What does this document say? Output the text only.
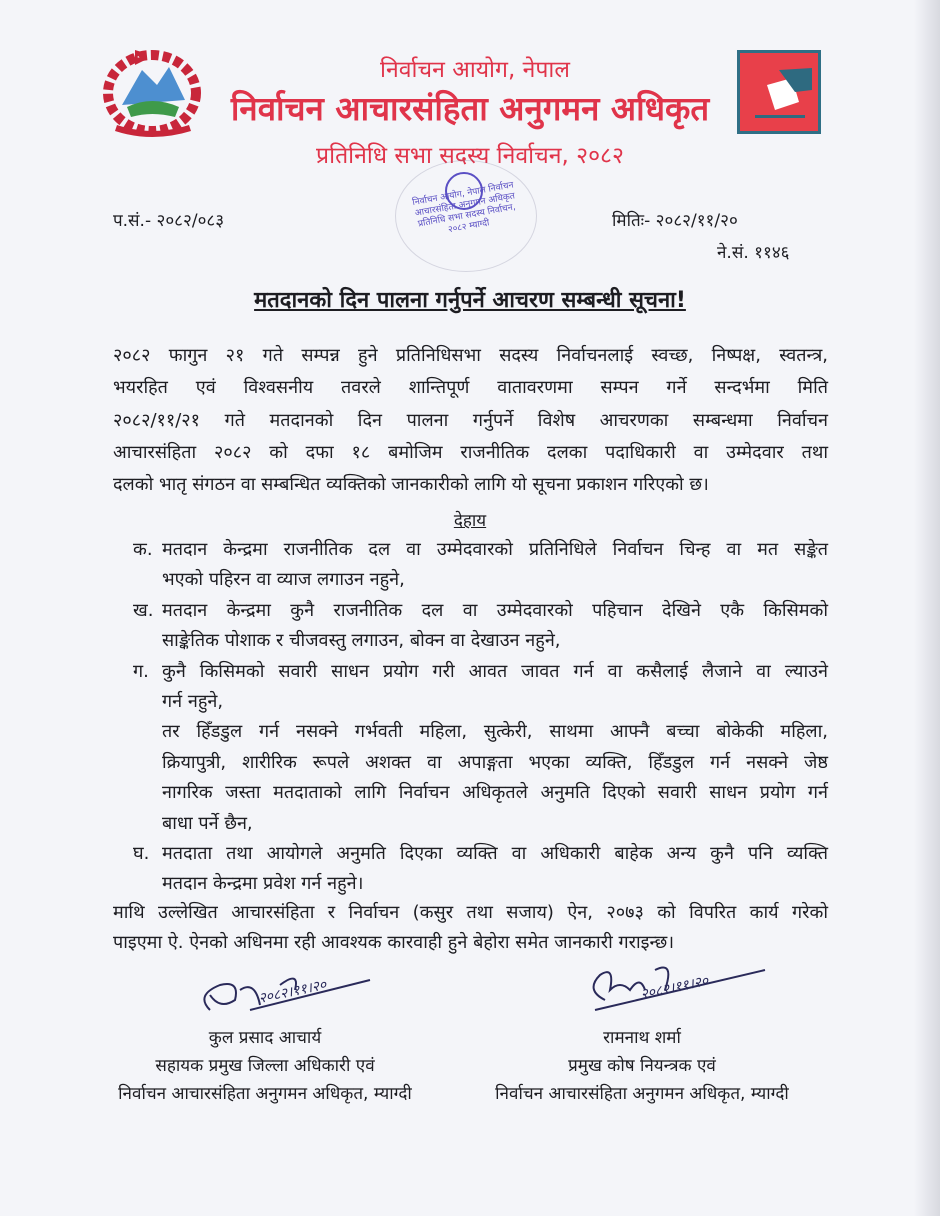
निर्वाचन आयोग, नेपाल
निर्वाचन आचारसंहिता अनुगमन अधिकृत
प्रतिनिधि सभा सदस्य निर्वाचन, २०८२
निर्वाचन आयोग, नेपाल निर्वाचन आचारसंहिता अनुगमन अधिकृत प्रतिनिधि सभा सदस्य निर्वाचन, २०८२ म्याग्दी
प.सं.- २०८२/०८३	मितिः- २०८२/११/२०
ने.सं. ११४६
मतदानको दिन पालना गर्नुपर्ने आचरण सम्बन्धी सूचना!
२०८२ फागुन २१ गते सम्पन्न हुने प्रतिनिधिसभा सदस्य निर्वाचनलाई स्वच्छ, निष्पक्ष, स्वतन्त्र,
भयरहित एवं विश्वसनीय तवरले शान्तिपूर्ण वातावरणमा सम्पन गर्ने सन्दर्भमा मिति
२०८२/११/२१ गते मतदानको दिन पालना गर्नुपर्ने विशेष आचरणका सम्बन्धमा निर्वाचन
आचारसंहिता २०८२ को दफा १८ बमोजिम राजनीतिक दलका पदाधिकारी वा उम्मेदवार तथा
दलको भातृ संगठन वा सम्बन्धित व्यक्तिको जानकारीको लागि यो सूचना प्रकाशन गरिएको छ।
क. मतदान केन्द्रमा राजनीतिक दल वा उम्मेदवारको प्रतिनिधिले निर्वाचन चिन्ह वा मत सङ्केत
भएको पहिरन वा व्याज लगाउन नहुने,
ख. मतदान केन्द्रमा कुनै राजनीतिक दल वा उम्मेदवारको पहिचान देखिने एकै किसिमको
साङ्केतिक पोशाक र चीजवस्तु लगाउन, बोक्न वा देखाउन नहुने,
ग. कुनै किसिमको सवारी साधन प्रयोग गरी आवत जावत गर्न वा कसैलाई लैजाने वा ल्याउने
गर्न नहुने,
तर हिँडडुल गर्न नसक्ने गर्भवती महिला, सुत्केरी, साथमा आफ्नै बच्चा बोकेकी महिला,
क्रियापुत्री, शारीरिक रूपले अशक्त वा अपाङ्गता भएका व्यक्ति, हिँडडुल गर्न नसक्ने जेष्ठ
नागरिक जस्ता मतदाताको लागि निर्वाचन अधिकृतले अनुमति दिएको सवारी साधन प्रयोग गर्न
बाधा पर्ने छैन,
घ. मतदाता तथा आयोगले अनुमति दिएका व्यक्ति वा अधिकारी बाहेक अन्य कुनै पनि व्यक्ति
मतदान केन्द्रमा प्रवेश गर्न नहुने।
माथि उल्लेखित आचारसंहिता र निर्वाचन (कसुर तथा सजाय) ऐन, २०७३ को विपरित कार्य गरेको
पाइएमा ऐ. ऐनको अधिनमा रही आवश्यक कारवाही हुने बेहोरा समेत जानकारी गराइन्छ।
देहाय
२०८२।११।२०	२०८२।११।२०
कुल प्रसाद आचार्य
सहायक प्रमुख जिल्ला अधिकारी एवं
निर्वाचन आचारसंहिता अनुगमन अधिकृत, म्याग्दी
रामनाथ शर्मा
प्रमुख कोष नियन्त्रक एवं
निर्वाचन आचारसंहिता अनुगमन अधिकृत, म्याग्दी
